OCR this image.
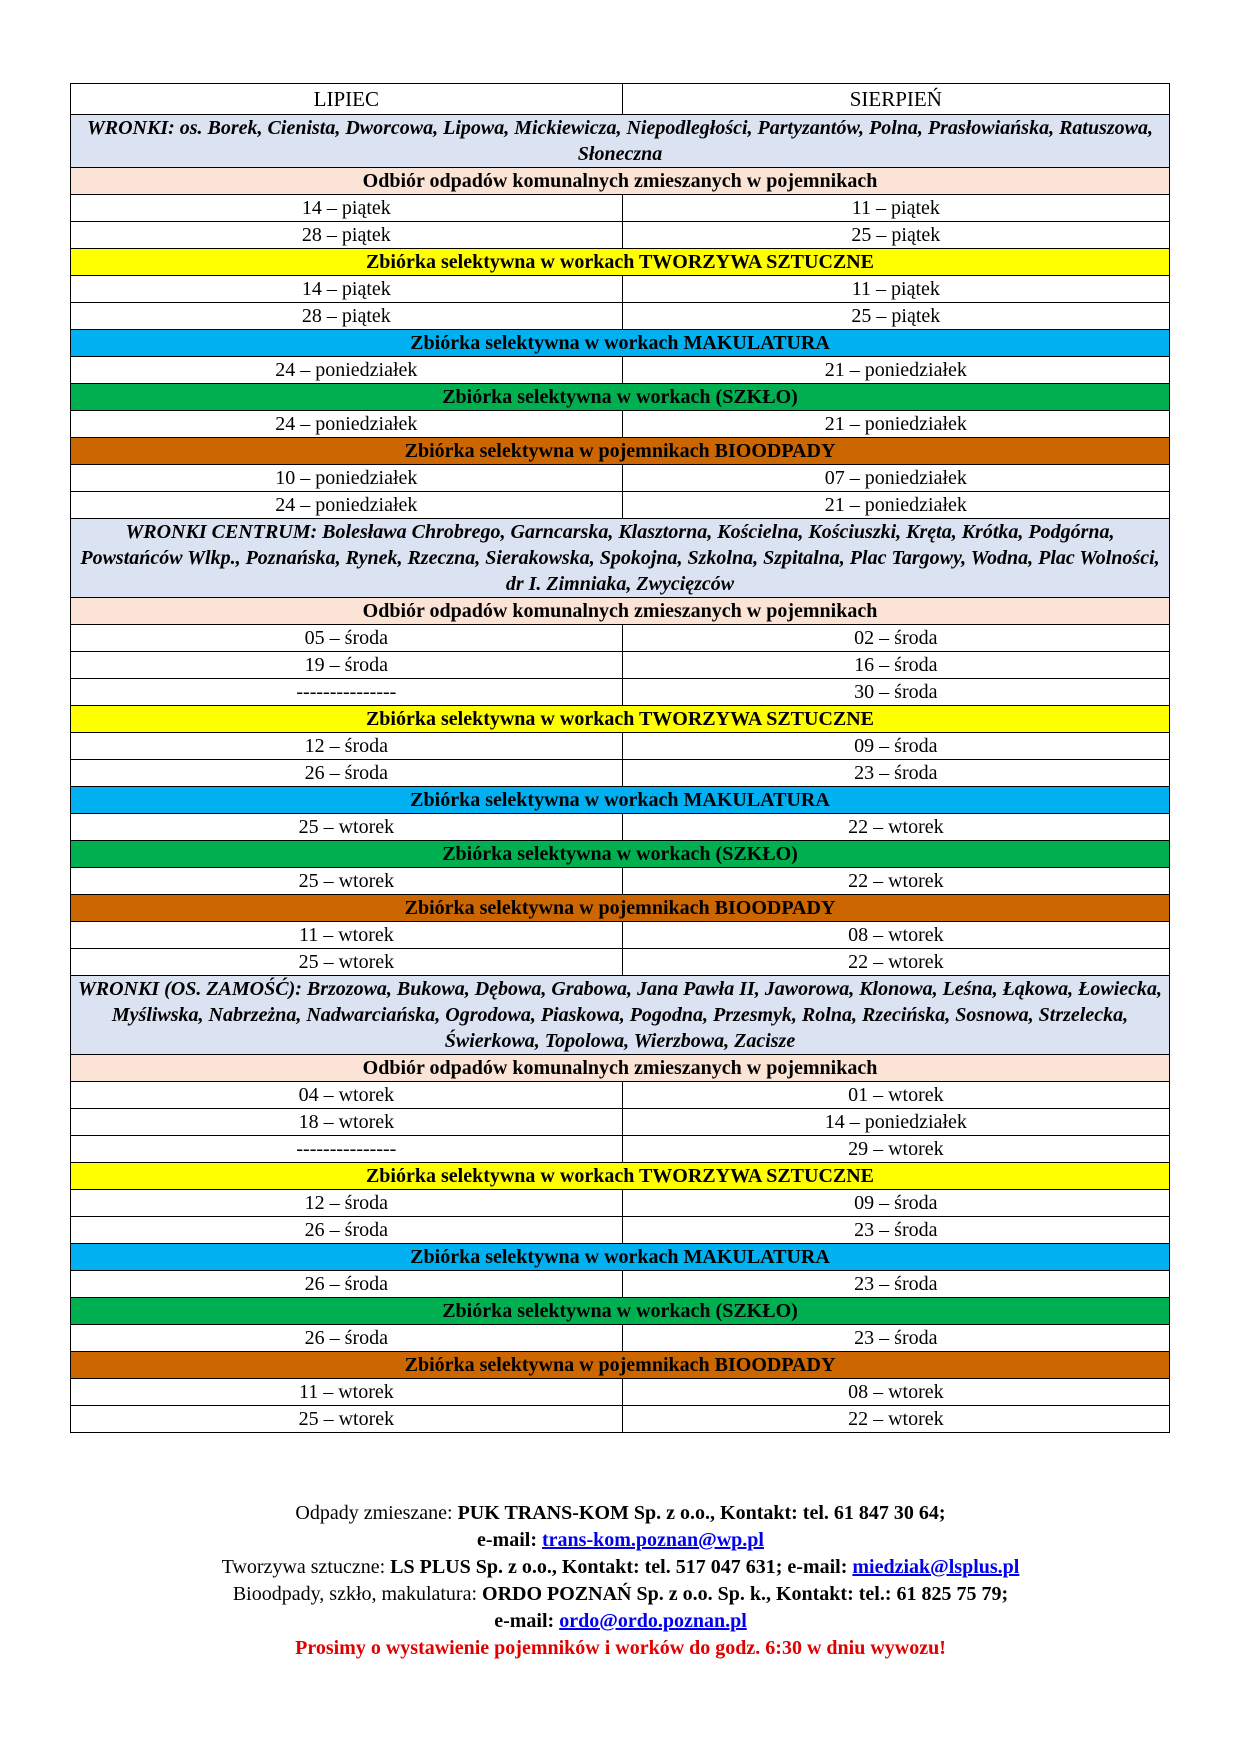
LIPIEC	SIERPIEŃ
WRONKI: os. Borek, Cienista, Dworcowa, Lipowa, Mickiewicza, Niepodległości, Partyzantów, Polna, Prasłowiańska, Ratuszowa, Słoneczna	
Odbiór odpadów komunalnych zmieszanych w pojemnikach	
14 – piątek	11 – piątek
28 – piątek	25 – piątek
Zbiórka selektywna w workach TWORZYWA SZTUCZNE	
14 – piątek	11 – piątek
28 – piątek	25 – piątek
Zbiórka selektywna w workach MAKULATURA	
24 – poniedziałek	21 – poniedziałek
Zbiórka selektywna w workach (SZKŁO)	
24 – poniedziałek	21 – poniedziałek
Zbiórka selektywna w pojemnikach BIOODPADY	
10 – poniedziałek	07 – poniedziałek
24 – poniedziałek	21 – poniedziałek
WRONKI CENTRUM: Bolesława Chrobrego, Garncarska, Klasztorna, Kościelna, Kościuszki, Kręta, Krótka, Podgórna, Powstańców Wlkp., Poznańska, Rynek, Rzeczna, Sierakowska, Spokojna, Szkolna, Szpitalna, Plac Targowy, Wodna, Plac Wolności, dr I. Zimniaka, Zwycięzców	
Odbiór odpadów komunalnych zmieszanych w pojemnikach	
05 – środa	02 – środa
19 – środa	16 – środa
---------------	30 – środa
Zbiórka selektywna w workach TWORZYWA SZTUCZNE	
12 – środa	09 – środa
26 – środa	23 – środa
Zbiórka selektywna w workach MAKULATURA	
25 – wtorek	22 – wtorek
Zbiórka selektywna w workach (SZKŁO)	
25 – wtorek	22 – wtorek
Zbiórka selektywna w pojemnikach BIOODPADY	
11 – wtorek	08 – wtorek
25 – wtorek	22 – wtorek
WRONKI (OS. ZAMOŚĆ): Brzozowa, Bukowa, Dębowa, Grabowa, Jana Pawła II, Jaworowa, Klonowa, Leśna, Łąkowa, Łowiecka, Myśliwska, Nabrzeżna, Nadwarciańska, Ogrodowa, Piaskowa, Pogodna, Przesmyk, Rolna, Rzecińska, Sosnowa, Strzelecka, Świerkowa, Topolowa, Wierzbowa, Zacisze	
Odbiór odpadów komunalnych zmieszanych w pojemnikach	
04 – wtorek	01 – wtorek
18 – wtorek	14 – poniedziałek
---------------	29 – wtorek
Zbiórka selektywna w workach TWORZYWA SZTUCZNE	
12 – środa	09 – środa
26 – środa	23 – środa
Zbiórka selektywna w workach MAKULATURA	
26 – środa	23 – środa
Zbiórka selektywna w workach (SZKŁO)	
26 – środa	23 – środa
Zbiórka selektywna w pojemnikach BIOODPADY	
11 – wtorek	08 – wtorek
25 – wtorek	22 – wtorek
Odpady zmieszane: PUK TRANS-KOM Sp. z o.o., Kontakt: tel. 61 847 30 64;
e-mail: trans-kom.poznan@wp.pl
Tworzywa sztuczne: LS PLUS Sp. z o.o., Kontakt: tel. 517 047 631; e-mail: miedziak@lsplus.pl
Bioodpady, szkło, makulatura: ORDO POZNAŃ Sp. z o.o. Sp. k., Kontakt: tel.: 61 825 75 79;
e-mail: ordo@ordo.poznan.pl
Prosimy o wystawienie pojemników i worków do godz. 6:30 w dniu wywozu!
